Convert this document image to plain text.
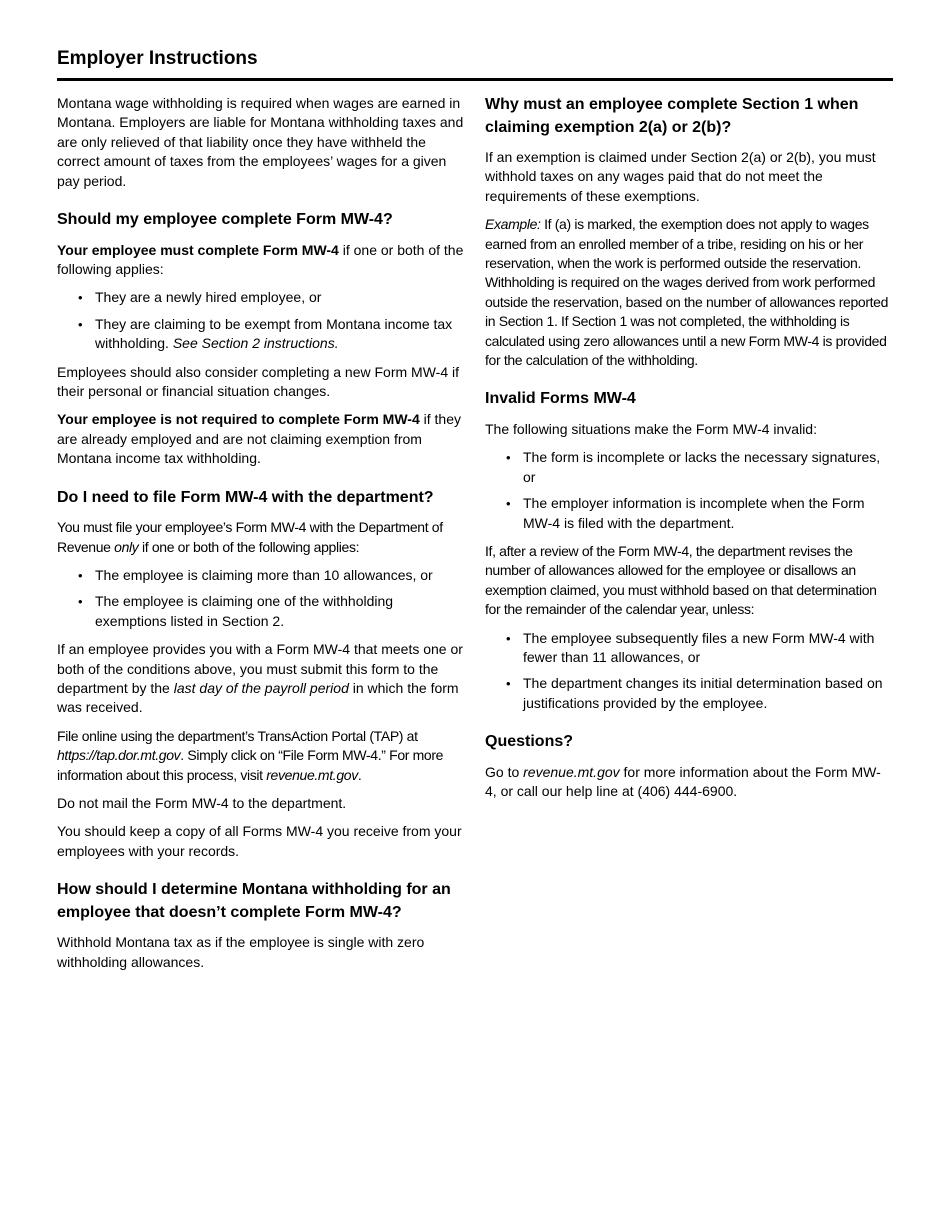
Employer Instructions

Montana wage withholding is required when wages are earned in Montana. Employers are liable for Montana withholding taxes and are only relieved of that liability once they have withheld the correct amount of taxes from the employees’ wages for a given pay period.

Should my employee complete Form MW-4?

Your employee must complete Form MW-4 if one or both of the following applies:

• They are a newly hired employee, or
• They are claiming to be exempt from Montana income tax withholding. See Section 2 instructions.

Employees should also consider completing a new Form MW-4 if their personal or financial situation changes.

Your employee is not required to complete Form MW-4 if they are already employed and are not claiming exemption from Montana income tax withholding.

Do I need to file Form MW-4 with the department?

You must file your employee’s Form MW-4 with the Department of Revenue only if one or both of the following applies:

• The employee is claiming more than 10 allowances, or
• The employee is claiming one of the withholding exemptions listed in Section 2.

If an employee provides you with a Form MW-4 that meets one or both of the conditions above, you must submit this form to the department by the last day of the payroll period in which the form was received.

File online using the department’s TransAction Portal (TAP) at https://tap.dor.mt.gov. Simply click on “File Form MW-4.” For more information about this process, visit revenue.mt.gov.

Do not mail the Form MW-4 to the department.

You should keep a copy of all Forms MW-4 you receive from your employees with your records.

How should I determine Montana withholding for an employee that doesn’t complete Form MW-4?

Withhold Montana tax as if the employee is single with zero withholding allowances.

Why must an employee complete Section 1 when claiming exemption 2(a) or 2(b)?

If an exemption is claimed under Section 2(a) or 2(b), you must withhold taxes on any wages paid that do not meet the requirements of these exemptions.

Example: If (a) is marked, the exemption does not apply to wages earned from an enrolled member of a tribe, residing on his or her reservation, when the work is performed outside the reservation. Withholding is required on the wages derived from work performed outside the reservation, based on the number of allowances reported in Section 1. If Section 1 was not completed, the withholding is calculated using zero allowances until a new Form MW-4 is provided for the calculation of the withholding.

Invalid Forms MW-4

The following situations make the Form MW-4 invalid:

• The form is incomplete or lacks the necessary signatures, or
• The employer information is incomplete when the Form MW-4 is filed with the department.

If, after a review of the Form MW-4, the department revises the number of allowances allowed for the employee or disallows an exemption claimed, you must withhold based on that determination for the remainder of the calendar year, unless:

• The employee subsequently files a new Form MW-4 with fewer than 11 allowances, or
• The department changes its initial determination based on justifications provided by the employee.
Questions?

Go to revenue.mt.gov for more information about the Form MW-4, or call our help line at (406) 444-6900.
